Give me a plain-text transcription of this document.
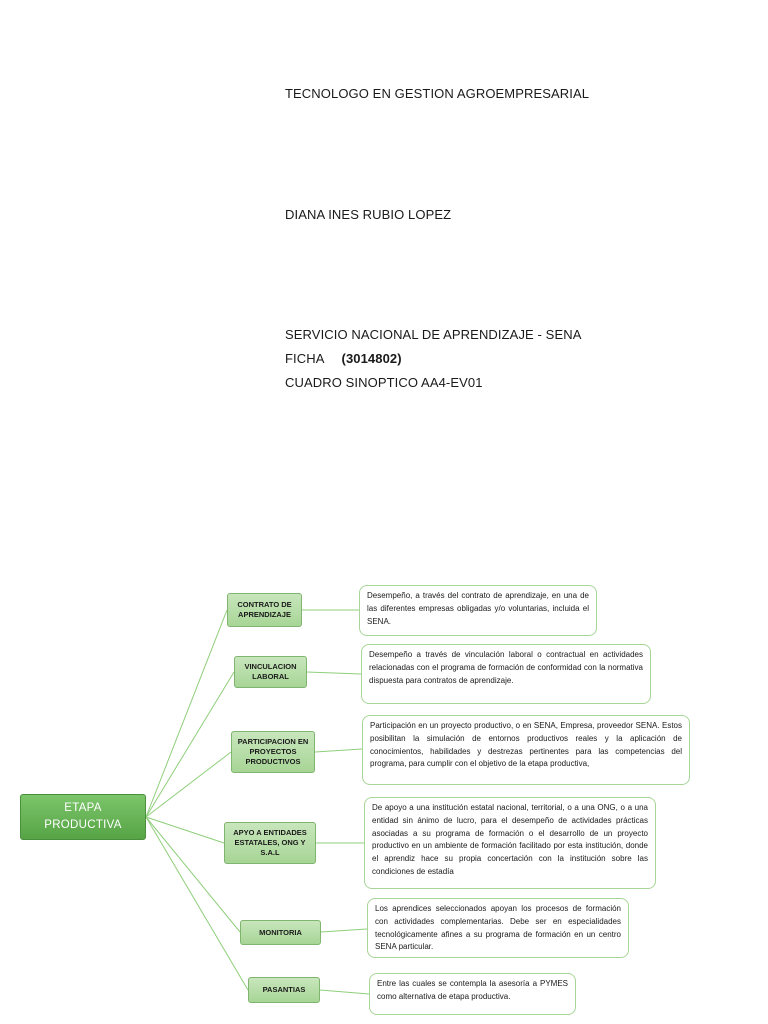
TECNOLOGO EN GESTION AGROEMPRESARIAL
DIANA INES RUBIO LOPEZ
SERVICIO NACIONAL DE APRENDIZAJE - SENA
FICHA (3014802)
CUADRO SINOPTICO AA4-EV01
ETAPA PRODUCTIVA
CONTRATO DE APRENDIZAJE
VINCULACION LABORAL
PARTICIPACION EN PROYECTOS PRODUCTIVOS
APYO A ENTIDADES ESTATALES, ONG Y S.A.L
MONITORIA
PASANTIAS
Desempeño, a través del contrato de aprendizaje, en una de las diferentes empresas obligadas y/o voluntarias, incluida el SENA.
Desempeño a través de vinculación laboral o contractual en actividades relacionadas con el programa de formación de conformidad con la normativa dispuesta para contratos de aprendizaje.
Participación en un proyecto productivo, o en SENA, Empresa, proveedor SENA. Estos posibilitan la simulación de entornos productivos reales y la aplicación de conocimientos, habilidades y destrezas pertinentes para las competencias del programa, para cumplir con el objetivo de la etapa productiva,
De apoyo a una institución estatal nacional, territorial, o a una ONG, o a una entidad sin ánimo de lucro, para el desempeño de actividades prácticas asociadas a su programa de formación o el desarrollo de un proyecto productivo en un ambiente de formación facilitado por esta institución, donde el aprendiz hace su propia concertación con la institución sobre las condiciones de estadía
Los aprendices seleccionados apoyan los procesos de formación con actividades complementarias. Debe ser en especialidades tecnológicamente afines a su programa de formación en un centro SENA particular.
Entre las cuales se contempla la asesoría a PYMES como alternativa de etapa productiva.
